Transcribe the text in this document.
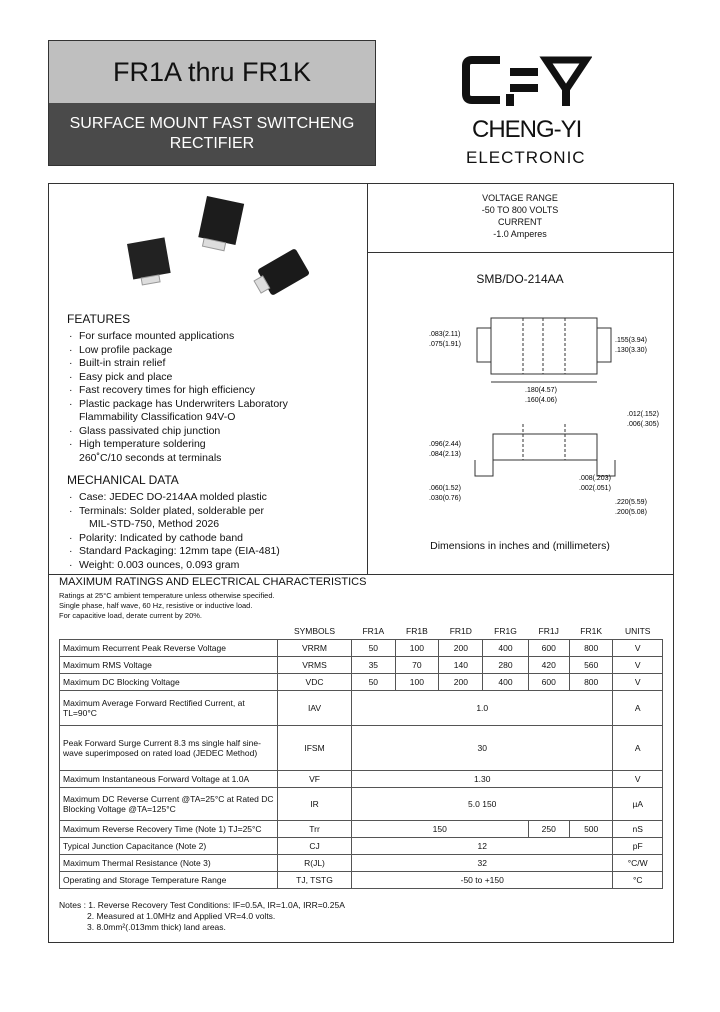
FR1A thru FR1K
SURFACE MOUNT FAST SWITCHENG
RECTIFIER
CHENG-YI
ELECTRONIC
FEATURES
· For surface mounted applications
· Low profile package
· Built-in strain relief
· Easy pick and place
· Fast recovery times for high efficiency
· Plastic package has Underwriters Laboratory
Flammability Classification 94V-O
· Glass passivated chip junction
· High temperature soldering
260˚C/10 seconds at terminals
MECHANICAL DATA
· Case: JEDEC DO-214AA molded plastic
· Terminals: Solder plated, solderable per
MIL-STD-750, Method 2026
· Polarity: Indicated by cathode band
· Standard Packaging: 12mm tape (EIA-481)
· Weight: 0.003 ounces, 0.093 gram
VOLTAGE RANGE
-50 TO 800 VOLTS
CURRENT
-1.0 Amperes
SMB/DO-214AA
.083(2.11)
.075(1.91)
.155(3.94)
.130(3.30)
.180(4.57)
.160(4.06)
.012(.152)
.006(.305)
.096(2.44)
.084(2.13)
.060(1.52)
.030(0.76)
.008(.203)
.002(.051)
.220(5.59)
.200(5.08)
Dimensions in inches and (millimeters)
MAXIMUM RATINGS AND ELECTRICAL CHARACTERISTICS
Ratings at 25°C ambient temperature unless otherwise specified.
Single phase, half wave, 60 Hz, resistive or inductive load.
For capacitive load, derate current by 20%.
	SYMBOLS	FR1A	FR1B	FR1D	FR1G	FR1J	FR1K	UNITS
Maximum Recurrent Peak Reverse Voltage	VRRM	50	100	200	400	600	800	V
Maximum RMS Voltage	VRMS	35	70	140	280	420	560	V
Maximum DC Blocking Voltage	VDC	50	100	200	400	600	800	V
Maximum Average Forward Rectified Current, at TL=90°C	IAV	1.0						A
Peak Forward Surge Current 8.3 ms single half sine-wave superimposed on rated load (JEDEC Method)	IFSM	30						A
Maximum Instantaneous Forward Voltage at 1.0A	VF	1.30						V
Maximum DC Reverse Current @TA=25°C at Rated DC Blocking Voltage @TA=125°C	IR	5.0 150						µA
Maximum Reverse Recovery Time (Note 1) TJ=25°C	Trr	150				250	500	nS
Typical Junction Capacitance (Note 2)	CJ	12						pF
Maximum Thermal Resistance (Note 3)	R(JL)	32						°C/W
Operating and Storage Temperature Range	TJ, TSTG	-50 to +150						°C
Notes : 1. Reverse Recovery Test Conditions: IF=0.5A, IR=1.0A, IRR=0.25A
2. Measured at 1.0MHz and Applied VR=4.0 volts.
3. 8.0mm²(.013mm thick) land areas.
